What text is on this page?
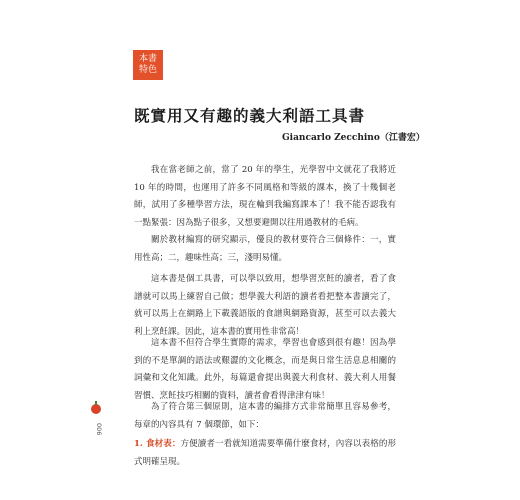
本書
特色
既實用又有趣的義大利語工具書
Giancarlo Zecchino（江書宏）

我在當老師之前，當了 20 年的學生，光學習中文就花了我將近 10 年的時間，也運用了許多不同風格和等級的課本，換了十幾個老師，試用了多種學習方法，現在輪到我編寫課本了！我不能否認我有一點緊張：因為點子很多，又想要避開以往用過教材的毛病。

關於教材編寫的研究顯示，優良的教材要符合三個條件：一，實用性高；二，趣味性高；三，淺明易懂。

這本書是個工具書，可以學以致用，想學習烹飪的讀者，看了食譜就可以馬上練習自己做；想學義大利語的讀者看把整本書讀完了，就可以馬上在網路上下載義語版的食譜與網路資源，甚至可以去義大利上烹飪課。因此，這本書的實用性非常高！

這本書不但符合學生實際的需求，學習也會感到很有趣！因為學到的不是單調的語法或艱澀的文化概念，而是與日常生活息息相關的詞彙和文化知識。此外，每篇還會提出與義大利食材、義大利人用餐習慣、烹飪技巧相關的資料，讀者會看得津津有味！

為了符合第三個原則，這本書的編排方式非常簡單且容易參考，每章的內容具有 7 個環節，如下：

1. 食材表：方便讀者一看就知道需要準備什麼食材，內容以表格的形式明確呈現。

006
